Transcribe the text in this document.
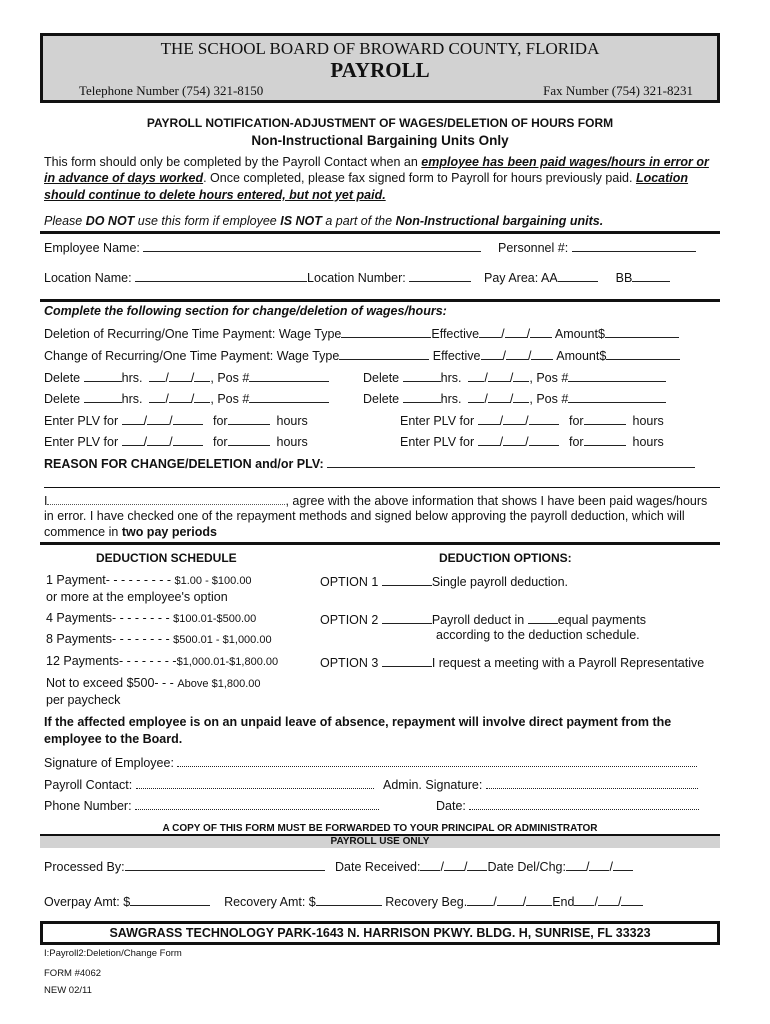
THE SCHOOL BOARD OF BROWARD COUNTY, FLORIDA
PAYROLL
Telephone Number (754) 321-8150	Fax Number (754) 321-8231
PAYROLL NOTIFICATION-ADJUSTMENT OF WAGES/DELETION OF HOURS FORM
Non-Instructional Bargaining Units Only
This form should only be completed by the Payroll Contact when an employee has been paid wages/hours in error or
in advance of days worked. Once completed, please fax signed form to Payroll for hours previously paid. Location
should continue to delete hours entered, but not yet paid.
Please DO NOT use this form if employee IS NOT a part of the Non-Instructional bargaining units.
Employee Name:	Personnel #:
Location Name:	Location Number:	Pay Area: AA	BB
Complete the following section for change/deletion of wages/hours:
Deletion of Recurring/One Time Payment: Wage Type	Effective / / Amount$
Change of Recurring/One Time Payment: Wage Type	Effective / / Amount$
Delete	hrs. / / , Pos #	Delete	hrs. / / , Pos #
Delete	hrs. / / , Pos #	Delete	hrs. / / , Pos #
Enter PLV for / /	for	hours	Enter PLV for / /	for	hours
Enter PLV for / /	for	hours	Enter PLV for / /	for	hours
REASON FOR CHANGE/DELETION and/or PLV:
I	, agree with the above information that shows I have been paid wages/hours
in error. I have checked one of the repayment methods and signed below approving the payroll deduction, which will
commence in two pay periods
DEDUCTION SCHEDULE	DEDUCTION OPTIONS:
1 Payment- - - - - - - - - $1.00 - $100.00
or more at the employee's option
4 Payments- - - - - - - - $100.01-$500.00
8 Payments- - - - - - - - $500.01 - $1,000.00
12 Payments- - - - - - - -$1,000.01-$1,800.00
Not to exceed $500- - - Above $1,800.00
per paycheck
OPTION 1	Single payroll deduction.
OPTION 2	Payroll deduct in	equal payments
according to the deduction schedule.
OPTION 3	I request a meeting with a Payroll Representative
If the affected employee is on an unpaid leave of absence, repayment will involve direct payment from the
employee to the Board.
Signature of Employee:
Payroll Contact:	Admin. Signature:
Phone Number:	Date:
A COPY OF THIS FORM MUST BE FORWARDED TO YOUR PRINCIPAL OR ADMINISTRATOR
PAYROLL USE ONLY
Processed By:	Date Received: / / Date Del/Chg: / /
Overpay Amt: $	Recovery Amt: $	Recovery Beg. / / End / /
SAWGRASS TECHNOLOGY PARK-1643 N. HARRISON PKWY. BLDG. H, SUNRISE, FL 33323
I:Payroll2:Deletion/Change Form
FORM #4062
NEW 02/11
